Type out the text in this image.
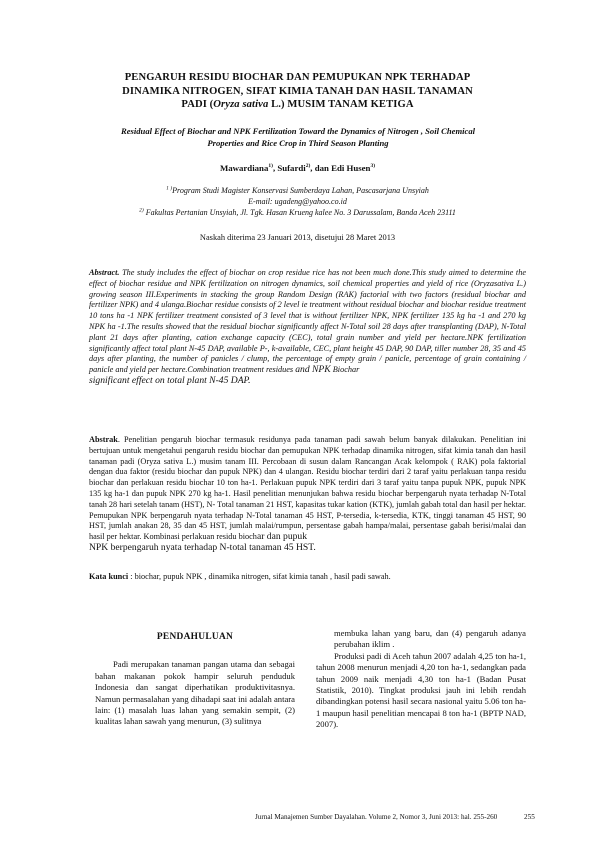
PENGARUH RESIDU BIOCHAR DAN PEMUPUKAN NPK TERHADAP
DINAMIKA NITROGEN, SIFAT KIMIA TANAH DAN HASIL TANAMAN
PADI (Oryza sativa L.) MUSIM TANAM KETIGA
Residual Effect of Biochar and NPK Fertilization Toward the Dynamics of Nitrogen , Soil Chemical Properties and Rice Crop in Third Season Planting
Mawardiana$^{1)}$, Sufardi$^{2)}$, dan Edi Husen$^{3)}$
$^{1 )}$Program Studi Magister Konservasi Sumberdaya Lahan, Pascasarjana Unsyiah
E-mail: ugadeng@yahoo.co.id
$^{2)}$ Fakultas Pertanian Unsyiah, Jl. Tgk. Hasan Krueng kalee No. 3 Darussalam, Banda Aceh 23111
Naskah diterima 23 Januari 2013, disetujui 28 Maret 2013
Abstract. The study includes the effect of biochar on crop residue rice has not been much done.This study aimed to determine the effect of biochar residue and NPK fertilization on nitrogen dynamics, soil chemical properties and yield of rice (Oryzasativa L.) growing season III.Experiments in stacking the group Random Design (RAK) factorial with two factors (residual biochar and fertilizer NPK) and 4 ulanga.Biochar residue consists of 2 level ie treatment without residual biochar and biochar residue treatment 10 tons ha -1 NPK fertilizer treatment consisted of 3 level that is without fertilizer NPK, NPK fertilizer 135 kg ha -1 and 270 kg NPK ha -1.The results showed that the residual biochar significantly affect N-Total soil 28 days after transplanting (DAP), N-Total plant 21 days after planting, cation exchange capacity (CEC), total grain number and yield per hectare.NPK fertilization significantly affect total plant N-45 DAP, available P-, k-available, CEC, plant height 45 DAP, 90 DAP, tiller number 28, 35 and 45 days after planting, the number of panicles / clump, the percentage of empty grain / panicle, percentage of grain containing / panicle and yield per hectare.Combination treatment residues and NPK Biochar
significant effect on total plant N-45 DAP.
Abstrak. Penelitian pengaruh biochar termasuk residunya pada tanaman padi sawah belum banyak dilakukan. Penelitian ini bertujuan untuk mengetahui pengaruh residu biochar dan pemupukan NPK terhadap dinamika nitrogen, sifat kimia tanah dan hasil tanaman padi (Oryza sativa L.) musim tanam III. Percobaan di susun dalam Rancangan Acak kelompok ( RAK) pola faktorial dengan dua faktor (residu biochar dan pupuk NPK) dan 4 ulangan. Residu biochar terdiri dari 2 taraf yaitu perlakuan tanpa residu biochar dan perlakuan residu biochar 10 ton ha-1. Perlakuan pupuk NPK terdiri dari 3 taraf yaitu tanpa pupuk NPK, pupuk NPK 135 kg ha-1 dan pupuk NPK 270 kg ha-1. Hasil penelitian menunjukan bahwa residu biochar berpengaruh nyata terhadap N-Total tanah 28 hari setelah tanam (HST), N- Total tanaman 21 HST, kapasitas tukar kation (KTK), jumlah gabah total dan hasil per hektar. Pemupukan NPK berpengaruh nyata terhadap N-Total tanaman 45 HST, P-tersedia, k-tersedia, KTK, tinggi tanaman 45 HST, 90 HST, jumlah anakan 28, 35 dan 45 HST, jumlah malai/rumpun, persentase gabah hampa/malai, persentase gabah berisi/malai dan hasil per hektar. Kombinasi perlakuan residu biochar dan pupuk
NPK berpengaruh nyata terhadap N-total tanaman 45 HST.
Kata kunci : biochar, pupuk NPK , dinamika nitrogen, sifat kimia tanah , hasil padi sawah.
PENDAHULUAN

Padi merupakan tanaman pangan utama dan sebagai bahan makanan pokok hampir seluruh penduduk Indonesia dan sangat diperhatikan produktivitasnya. Namun permasalahan yang dihadapi saat ini adalah antara lain: (1) masalah luas lahan yang semakin sempit, (2) kualitas lahan sawah yang menurun, (3) sulitnya

membuka lahan yang baru, dan (4) pengaruh adanya perubahan iklim .

Produksi padi di Aceh tahun 2007 adalah 4,25 ton ha-1, tahun 2008 menurun menjadi 4,20 ton ha-1, sedangkan pada tahun 2009 naik menjadi 4,30 ton ha-1 (Badan Pusat Statistik, 2010). Tingkat produksi jauh ini lebih rendah dibandingkan potensi hasil secara nasional yaitu 5.06 ton ha-1 maupun hasil penelitian mencapai 8 ton ha-1 (BPTP NAD, 2007).

Jurnal Manajemen Sumber Dayalahan. Volume 2, Nomor 3, Juni 2013: hal. 255-260	255
